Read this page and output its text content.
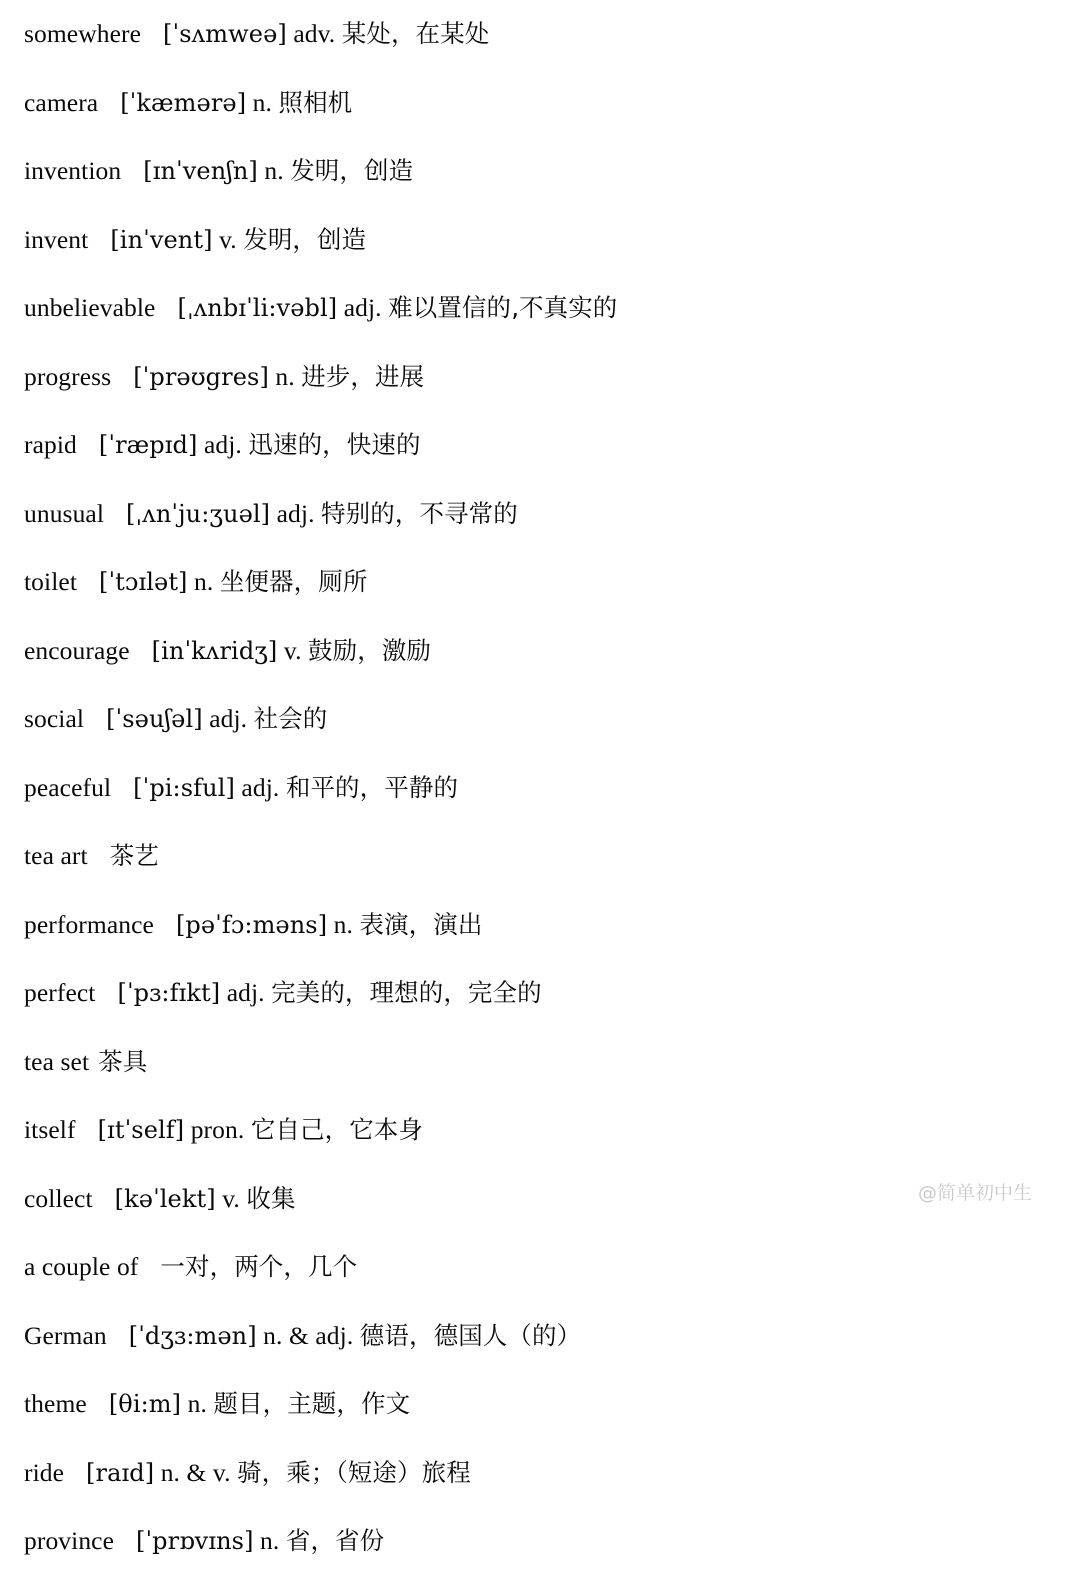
somewhere [ˈsʌmweə] adv. 某处，在某处
camera [ˈkæmərə] n. 照相机
invention [ɪnˈvenʃn] n. 发明，创造
invent [inˈvent] v. 发明，创造
unbelievable [ˌʌnbɪˈli:vəbl] adj. 难以置信的‚不真实的
progress [ˈprəʊgres] n. 进步，进展
rapid [ˈræpɪd] adj. 迅速的，快速的
unusual [ˌʌnˈju:ʒuəl] adj. 特别的，不寻常的
toilet [ˈtɔɪlət] n. 坐便器，厕所
encourage [inˈkʌridʒ] v. 鼓励，激励
social [ˈsəuʃəl] adj. 社会的
peaceful [ˈpi:sful] adj. 和平的，平静的
tea art 茶艺
performance [pəˈfɔ:məns] n. 表演，演出
perfect [ˈpɜ:fɪkt] adj. 完美的，理想的，完全的
tea set 茶具
itself [ɪtˈself] pron. 它自己，它本身
collect [kəˈlekt] v. 收集
a couple of 一对，两个，几个
German [ˈdʒɜ:mən] n. & adj. 德语，德国人（的）
theme [θi:m] n. 题目，主题，作文
ride [raɪd] n. & v. 骑，乘；（短途）旅程
province [ˈprɒvɪns] n. 省，省份
@简单初中生
